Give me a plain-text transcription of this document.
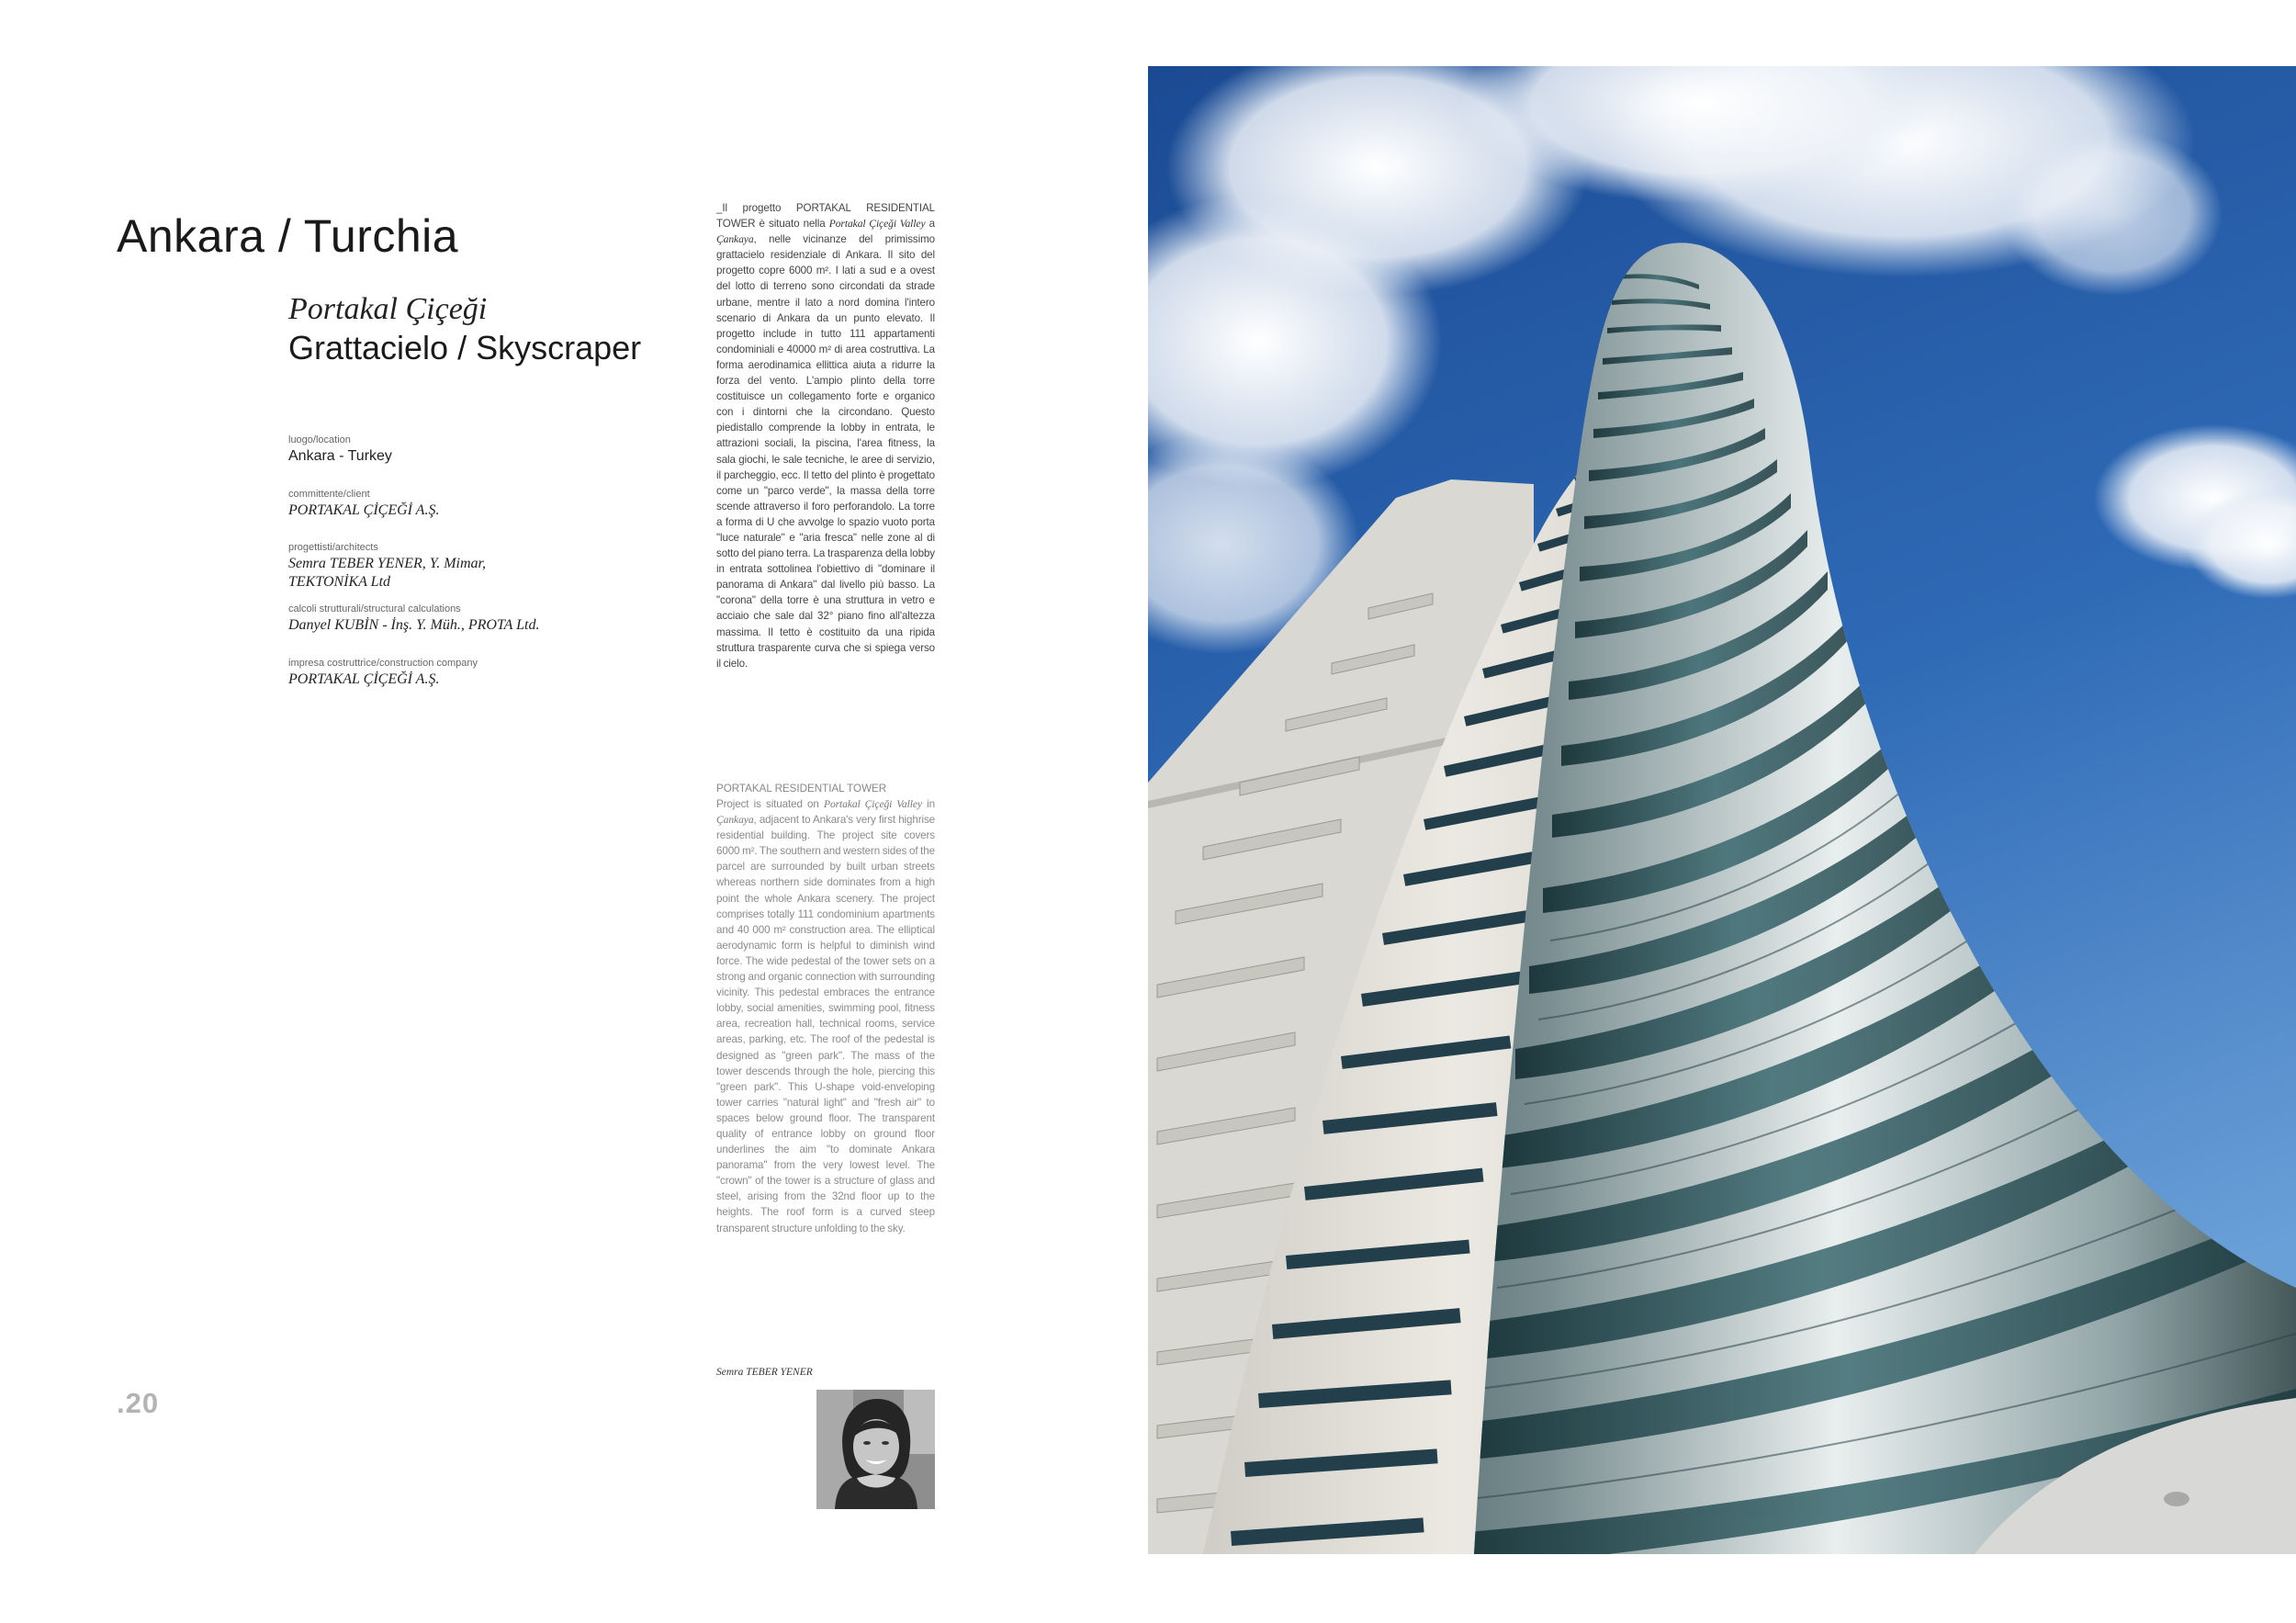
Ankara / Turchia
Portakal Çiçeği
Grattacielo / Skyscraper
luogo/location
Ankara - Turkey
committente/client
PORTAKAL ÇİÇEĞİ A.Ş.
progettisti/architects
Semra TEBER YENER, Y. Mimar,
TEKTONİKA Ltd
calcoli strutturali/structural calculations
Danyel KUBİN - İnş. Y. Müh., PROTA Ltd.
impresa costruttrice/construction company
PORTAKAL ÇİÇEĞİ A.Ş.
_Il progetto PORTAKAL RESIDENTIAL TOWER è situato nella Portakal Çiçeği Valley a Çankaya, nelle vicinanze del primissimo grattacielo residenziale di Ankara. Il sito del progetto copre 6000 m². I lati a sud e a ovest del lotto di terreno sono circondati da strade urbane, mentre il lato a nord domina l'intero scenario di Ankara da un punto elevato. Il progetto include in tutto 111 appartamenti condominiali e 40000 m² di area costruttiva. La forma aerodinamica ellittica aiuta a ridurre la forza del vento. L'ampio plinto della torre costituisce un collegamento forte e organico con i dintorni che la circondano. Questo piedistallo comprende la lobby in entrata, le attrazioni sociali, la piscina, l'area fitness, la sala giochi, le sale tecniche, le aree di servizio, il parcheggio, ecc. Il tetto del plinto è progettato come un "parco verde", la massa della torre scende attraverso il foro perforandolo. La torre a forma di U che avvolge lo spazio vuoto porta "luce naturale" e "aria fresca" nelle zone al di sotto del piano terra. La trasparenza della lobby in entrata sottolinea l'obiettivo di "dominare il panorama di Ankara" dal livello più basso. La "corona" della torre è una struttura in vetro e acciaio che sale dal 32° piano fino all'altezza massima. Il tetto è costituito da una ripida struttura trasparente curva che si spiega verso il cielo.
PORTAKAL RESIDENTIAL TOWER
Project is situated on Portakal Çiçeği Valley in Çankaya, adjacent to Ankara's very first highrise residential building. The project site covers 6000 m². The southern and western sides of the parcel are surrounded by built urban streets whereas northern side dominates from a high point the whole Ankara scenery. The project comprises totally 111 condominium apartments and 40 000 m² construction area. The elliptical aerodynamic form is helpful to diminish wind force. The wide pedestal of the tower sets on a strong and organic connection with surrounding vicinity. This pedestal embraces the entrance lobby, social amenities, swimming pool, fitness area, recreation hall, technical rooms, service areas, parking, etc. The roof of the pedestal is designed as "green park". The mass of the tower descends through the hole, piercing this "green park". This U-shape void-enveloping tower carries "natural light" and "fresh air" to spaces below ground floor. The transparent quality of entrance lobby on ground floor underlines the aim "to dominate Ankara panorama" from the very lowest level. The "crown" of the tower is a structure of glass and steel, arising from the 32nd floor up to the heights. The roof form is a curved steep transparent structure unfolding to the sky.
Semra TEBER YENER
.20
